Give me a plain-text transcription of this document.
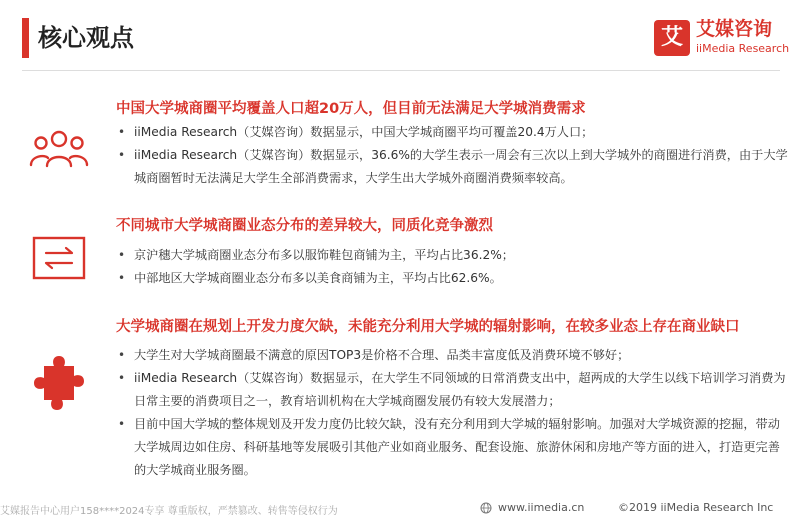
核心观点	艾 艾媒咨询
iiMedia Research
中国大学城商圈平均覆盖人口超20万人，但目前无法满足大学城消费需求
• iiMedia Research（艾媒咨询）数据显示，中国大学城商圈平均可覆盖20.4万人口；
• iiMedia Research（艾媒咨询）数据显示，36.6%的大学生表示一周会有三次以上到大学城外的商圈进行消费，由于大学城商圈暂时无法满足大学生全部消费需求，大学生出大学城外商圈消费频率较高。
不同城市大学城商圈业态分布的差异较大，同质化竞争激烈
• 京沪穗大学城商圈业态分布多以服饰鞋包商铺为主，平均占比36.2%；
• 中部地区大学城商圈业态分布多以美食商铺为主，平均占比62.6%。
大学城商圈在规划上开发力度欠缺，未能充分利用大学城的辐射影响，在较多业态上存在商业缺口
• 大学生对大学城商圈最不满意的原因TOP3是价格不合理、品类丰富度低及消费环境不够好；
• iiMedia Research（艾媒咨询）数据显示，在大学生不同领域的日常消费支出中，超两成的大学生以线下培训学习消费为日常主要的消费项目之一，教育培训机构在大学城商圈发展仍有较大发展潜力；
• 目前中国大学城的整体规划及开发力度仍比较欠缺，没有充分利用到大学城的辐射影响。加强对大学城资源的挖掘，带动大学城周边如住房、科研基地等发展吸引其他产业如商业服务、配套设施、旅游休闲和房地产等方面的进入，打造更完善的大学城商业服务圈。
艾媒报告中心用户158****2024专享 尊重版权，严禁篡改、转售等侵权行为	www.iimedia.cn	©2019 iiMedia Research Inc
